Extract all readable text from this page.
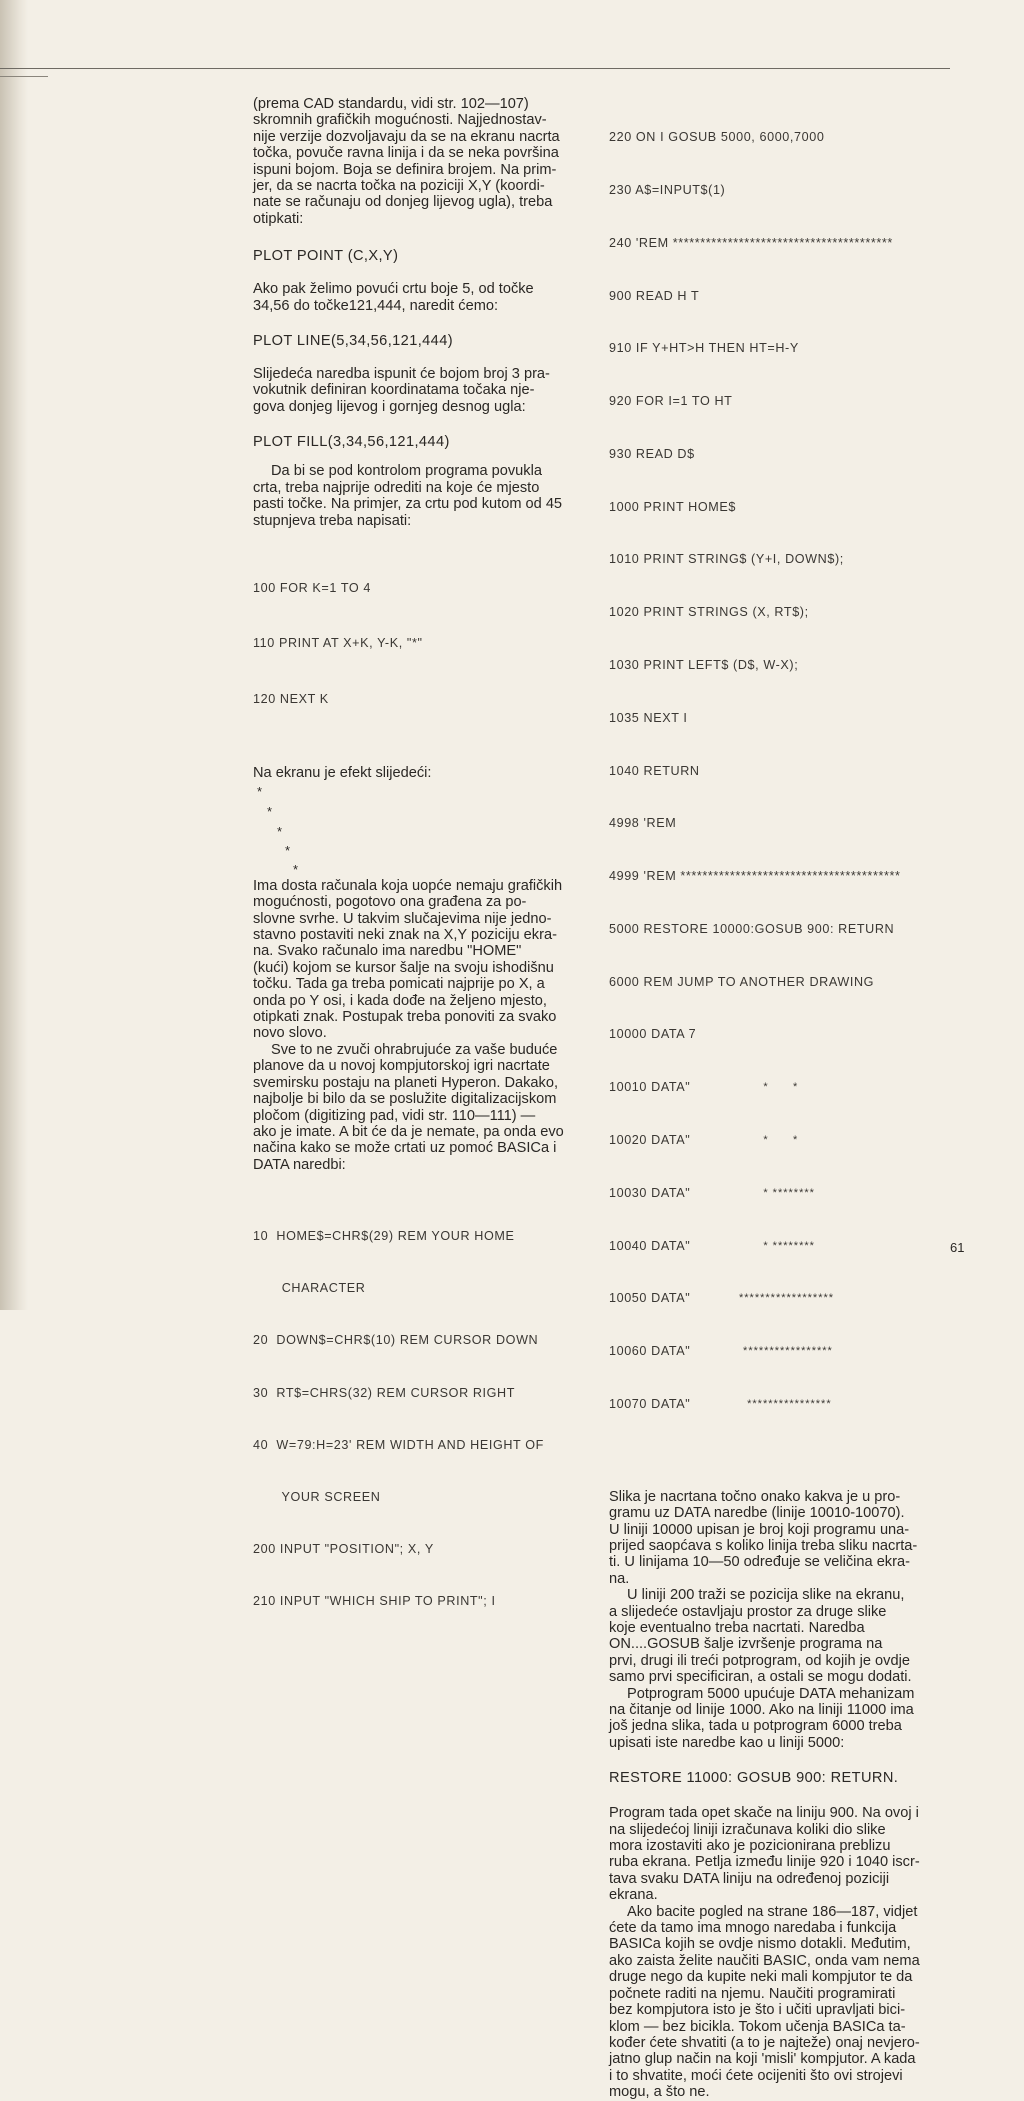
(prema CAD standardu, vidi str. 102—107)
skromnih grafičkih mogućnosti. Najjednostav-
nije verzije dozvoljavaju da se na ekranu nacrta
točka, povuče ravna linija i da se neka površina
ispuni bojom. Boja se definira brojem. Na prim-
jer, da se nacrta točka na poziciji X,Y (koordi-
nate se računaju od donjeg lijevog ugla), treba
otipkati:
PLOT POINT (C,X,Y)
Ako pak želimo povući crtu boje 5, od točke
34,56 do točke121,444, naredit ćemo:
PLOT LINE(5,34,56,121,444)
Slijedeća naredba ispunit će bojom broj 3 pra-
vokutnik definiran koordinatama točaka nje-
gova donjeg lijevog i gornjeg desnog ugla:
PLOT FILL(3,34,56,121,444)
Da bi se pod kontrolom programa povukla
crta, treba najprije odrediti na koje će mjesto
pasti točke. Na primjer, za crtu pod kutom od 45
stupnjeva treba napisati:

100 FOR K=1 TO 4

110 PRINT AT X+K, Y-K, "*"

120 NEXT K

Na ekranu je efekt slijedeći:
*
*
*
*
*
Ima dosta računala koja uopće nemaju grafičkih
mogućnosti, pogotovo ona građena za po-
slovne svrhe. U takvim slučajevima nije jedno-
stavno postaviti neki znak na X,Y poziciju ekra-
na. Svako računalo ima naredbu "HOME"
(kući) kojom se kursor šalje na svoju ishodišnu
točku. Tada ga treba pomicati najprije po X, a
onda po Y osi, i kada dođe na željeno mjesto,
otipkati znak. Postupak treba ponoviti za svako
novo slovo.
Sve to ne zvuči ohrabrujuće za vaše buduće
planove da u novoj kompjutorskoj igri nacrtate
svemirsku postaju na planeti Hyperon. Dakako,
najbolje bi bilo da se poslužite digitalizacijskom
pločom (digitizing pad, vidi str. 110—111) —
ako je imate. A bit će da je nemate, pa onda evo
načina kako se može crtati uz pomoć BASICa i
DATA naredbi:

10  HOME$=CHR$(29) REM YOUR HOME

CHARACTER

20  DOWN$=CHR$(10) REM CURSOR DOWN

30  RT$=CHRS(32) REM CURSOR RIGHT

40  W=79:H=23' REM WIDTH AND HEIGHT OF

YOUR SCREEN

200 INPUT "POSITION"; X, Y

210 INPUT "WHICH SHIP TO PRINT"; I

220 ON I GOSUB 5000, 6000,7000

230 A$=INPUT$(1)

240 'REM ****************************************

900 READ H T

910 IF Y+HT>H THEN HT=H-Y

920 FOR I=1 TO HT

930 READ D$

1000 PRINT HOME$

1010 PRINT STRING$ (Y+I, DOWN$);

1020 PRINT STRINGS (X, RT$);

1030 PRINT LEFT$ (D$, W-X);

1035 NEXT I

1040 RETURN

4998 'REM

4999 'REM ****************************************

5000 RESTORE 10000:GOSUB 900: RETURN

6000 REM JUMP TO ANOTHER DRAWING

10000 DATA 7

10010 DATA"	*      *

10020 DATA"	*      *

10030 DATA"	* ********

10040 DATA"	* ********

10050 DATA"	******************

10060 DATA"	*****************

10070 DATA"	****************

Slika je nacrtana točno onako kakva je u pro-
gramu uz DATA naredbe (linije 10010-10070).
U liniji 10000 upisan je broj koji programu una-
prijed saopćava s koliko linija treba sliku nacrta-
ti. U linijama 10—50 određuje se veličina ekra-
na.
U liniji 200 traži se pozicija slike na ekranu,
a slijedeće ostavljaju prostor za druge slike
koje eventualno treba nacrtati. Naredba
ON....GOSUB šalje izvršenje programa na
prvi, drugi ili treći potprogram, od kojih je ovdje
samo prvi specificiran, a ostali se mogu dodati.
Potprogram 5000 upućuje DATA mehanizam
na čitanje od linije 1000. Ako na liniji 11000 ima
još jedna slika, tada u potprogram 6000 treba
upisati iste naredbe kao u liniji 5000:
RESTORE 11000: GOSUB 900: RETURN.
Program tada opet skače na liniju 900. Na ovoj i
na slijedećoj liniji izračunava koliki dio slike
mora izostaviti ako je pozicionirana preblizu
ruba ekrana. Petlja između linije 920 i 1040 iscr-
tava svaku DATA liniju na određenoj poziciji
ekrana.
Ako bacite pogled na strane 186—187, vidjet
ćete da tamo ima mnogo naredaba i funkcija
BASICa kojih se ovdje nismo dotakli. Međutim,
ako zaista želite naučiti BASIC, onda vam nema
druge nego da kupite neki mali kompjutor te da
počnete raditi na njemu. Naučiti programirati
bez kompjutora isto je što i učiti upravljati bici-
klom — bez bicikla. Tokom učenja BASICa ta-
kođer ćete shvatiti (a to je najteže) onaj nevjero-
jatno glup način na koji 'misli' kompjutor. A kada
i to shvatite, moći ćete ocijeniti što ovi strojevi
mogu, a što ne.
61
